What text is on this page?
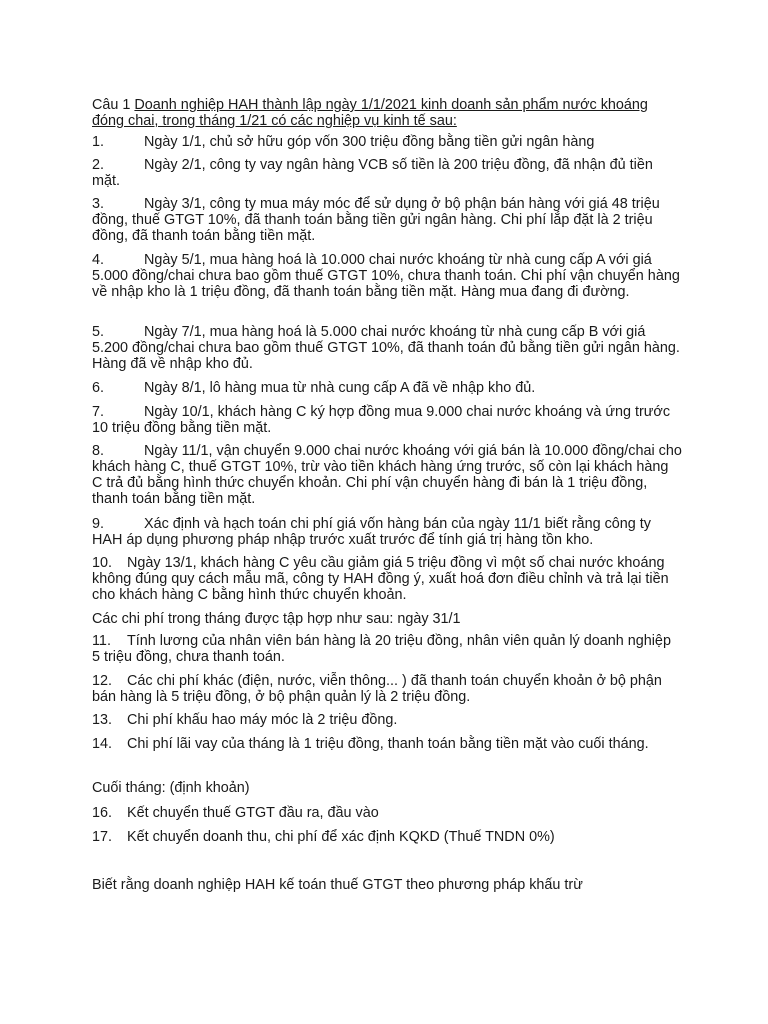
Câu 1 Doanh nghiệp HAH thành lập ngày 1/1/2021 kinh doanh sản phẩm nước khoáng đóng chai, trong tháng 1/21 có các nghiệp vụ kinh tế sau:

1.	Ngày 1/1, chủ sở hữu góp vốn 300 triệu đồng bằng tiền gửi ngân hàng

2.	Ngày 2/1, công ty vay ngân hàng VCB số tiền là 200 triệu đồng, đã nhận đủ tiền mặt.

3.	Ngày 3/1, công ty mua máy móc để sử dụng ở bộ phận bán hàng với giá 48 triệu đồng, thuế GTGT 10%, đã thanh toán bằng tiền gửi ngân hàng. Chi phí lắp đặt là 2 triệu đồng, đã thanh toán bằng tiền mặt.

4.	Ngày 5/1, mua hàng hoá là 10.000 chai nước khoáng từ nhà cung cấp A với giá 5.000 đồng/chai chưa bao gồm thuế GTGT 10%, chưa thanh toán. Chi phí vận chuyển hàng về nhập kho là 1 triệu đồng, đã thanh toán bằng tiền mặt. Hàng mua đang đi đường.

5.	Ngày 7/1, mua hàng hoá là 5.000 chai nước khoáng từ nhà cung cấp B với giá 5.200 đồng/chai chưa bao gồm thuế GTGT 10%, đã thanh toán đủ bằng tiền gửi ngân hàng. Hàng đã về nhập kho đủ.

6.	Ngày 8/1, lô hàng mua từ nhà cung cấp A đã về nhập kho đủ.

7.	Ngày 10/1, khách hàng C ký hợp đồng mua 9.000 chai nước khoáng và ứng trước 10 triệu đồng bằng tiền mặt.

8.	Ngày 11/1, vận chuyển 9.000 chai nước khoáng với giá bán là 10.000 đồng/chai cho khách hàng C, thuế GTGT 10%, trừ vào tiền khách hàng ứng trước, số còn lại khách hàng C trả đủ bằng hình thức chuyển khoản. Chi phí vận chuyển hàng đi bán là 1 triệu đồng, thanh toán bằng tiền mặt.

9.	Xác định và hạch toán chi phí giá vốn hàng bán của ngày 11/1 biết rằng công ty HAH áp dụng phương pháp nhập trước xuất trước để tính giá trị hàng tồn kho.

10. Ngày 13/1, khách hàng C yêu cầu giảm giá 5 triệu đồng vì một số chai nước khoáng không đúng quy cách mẫu mã, công ty HAH đồng ý, xuất hoá đơn điều chỉnh và trả lại tiền cho khách hàng C bằng hình thức chuyển khoản.

Các chi phí trong tháng được tập hợp như sau: ngày 31/1

11. Tính lương của nhân viên bán hàng là 20 triệu đồng, nhân viên quản lý doanh nghiệp 5 triệu đồng, chưa thanh toán.

12. Các chi phí khác (điện, nước, viễn thông... ) đã thanh toán chuyển khoản ở bộ phận bán hàng là 5 triệu đồng, ở bộ phận quản lý là 2 triệu đồng.

13. Chi phí khấu hao máy móc là 2 triệu đồng.

14. Chi phí lãi vay của tháng là 1 triệu đồng, thanh toán bằng tiền mặt vào cuối tháng.

Cuối tháng: (định khoản)

16. Kết chuyển thuế GTGT đầu ra, đầu vào

17. Kết chuyển doanh thu, chi phí để xác định KQKD (Thuế TNDN 0%)

Biết rằng doanh nghiệp HAH kế toán thuế GTGT theo phương pháp khấu trừ
